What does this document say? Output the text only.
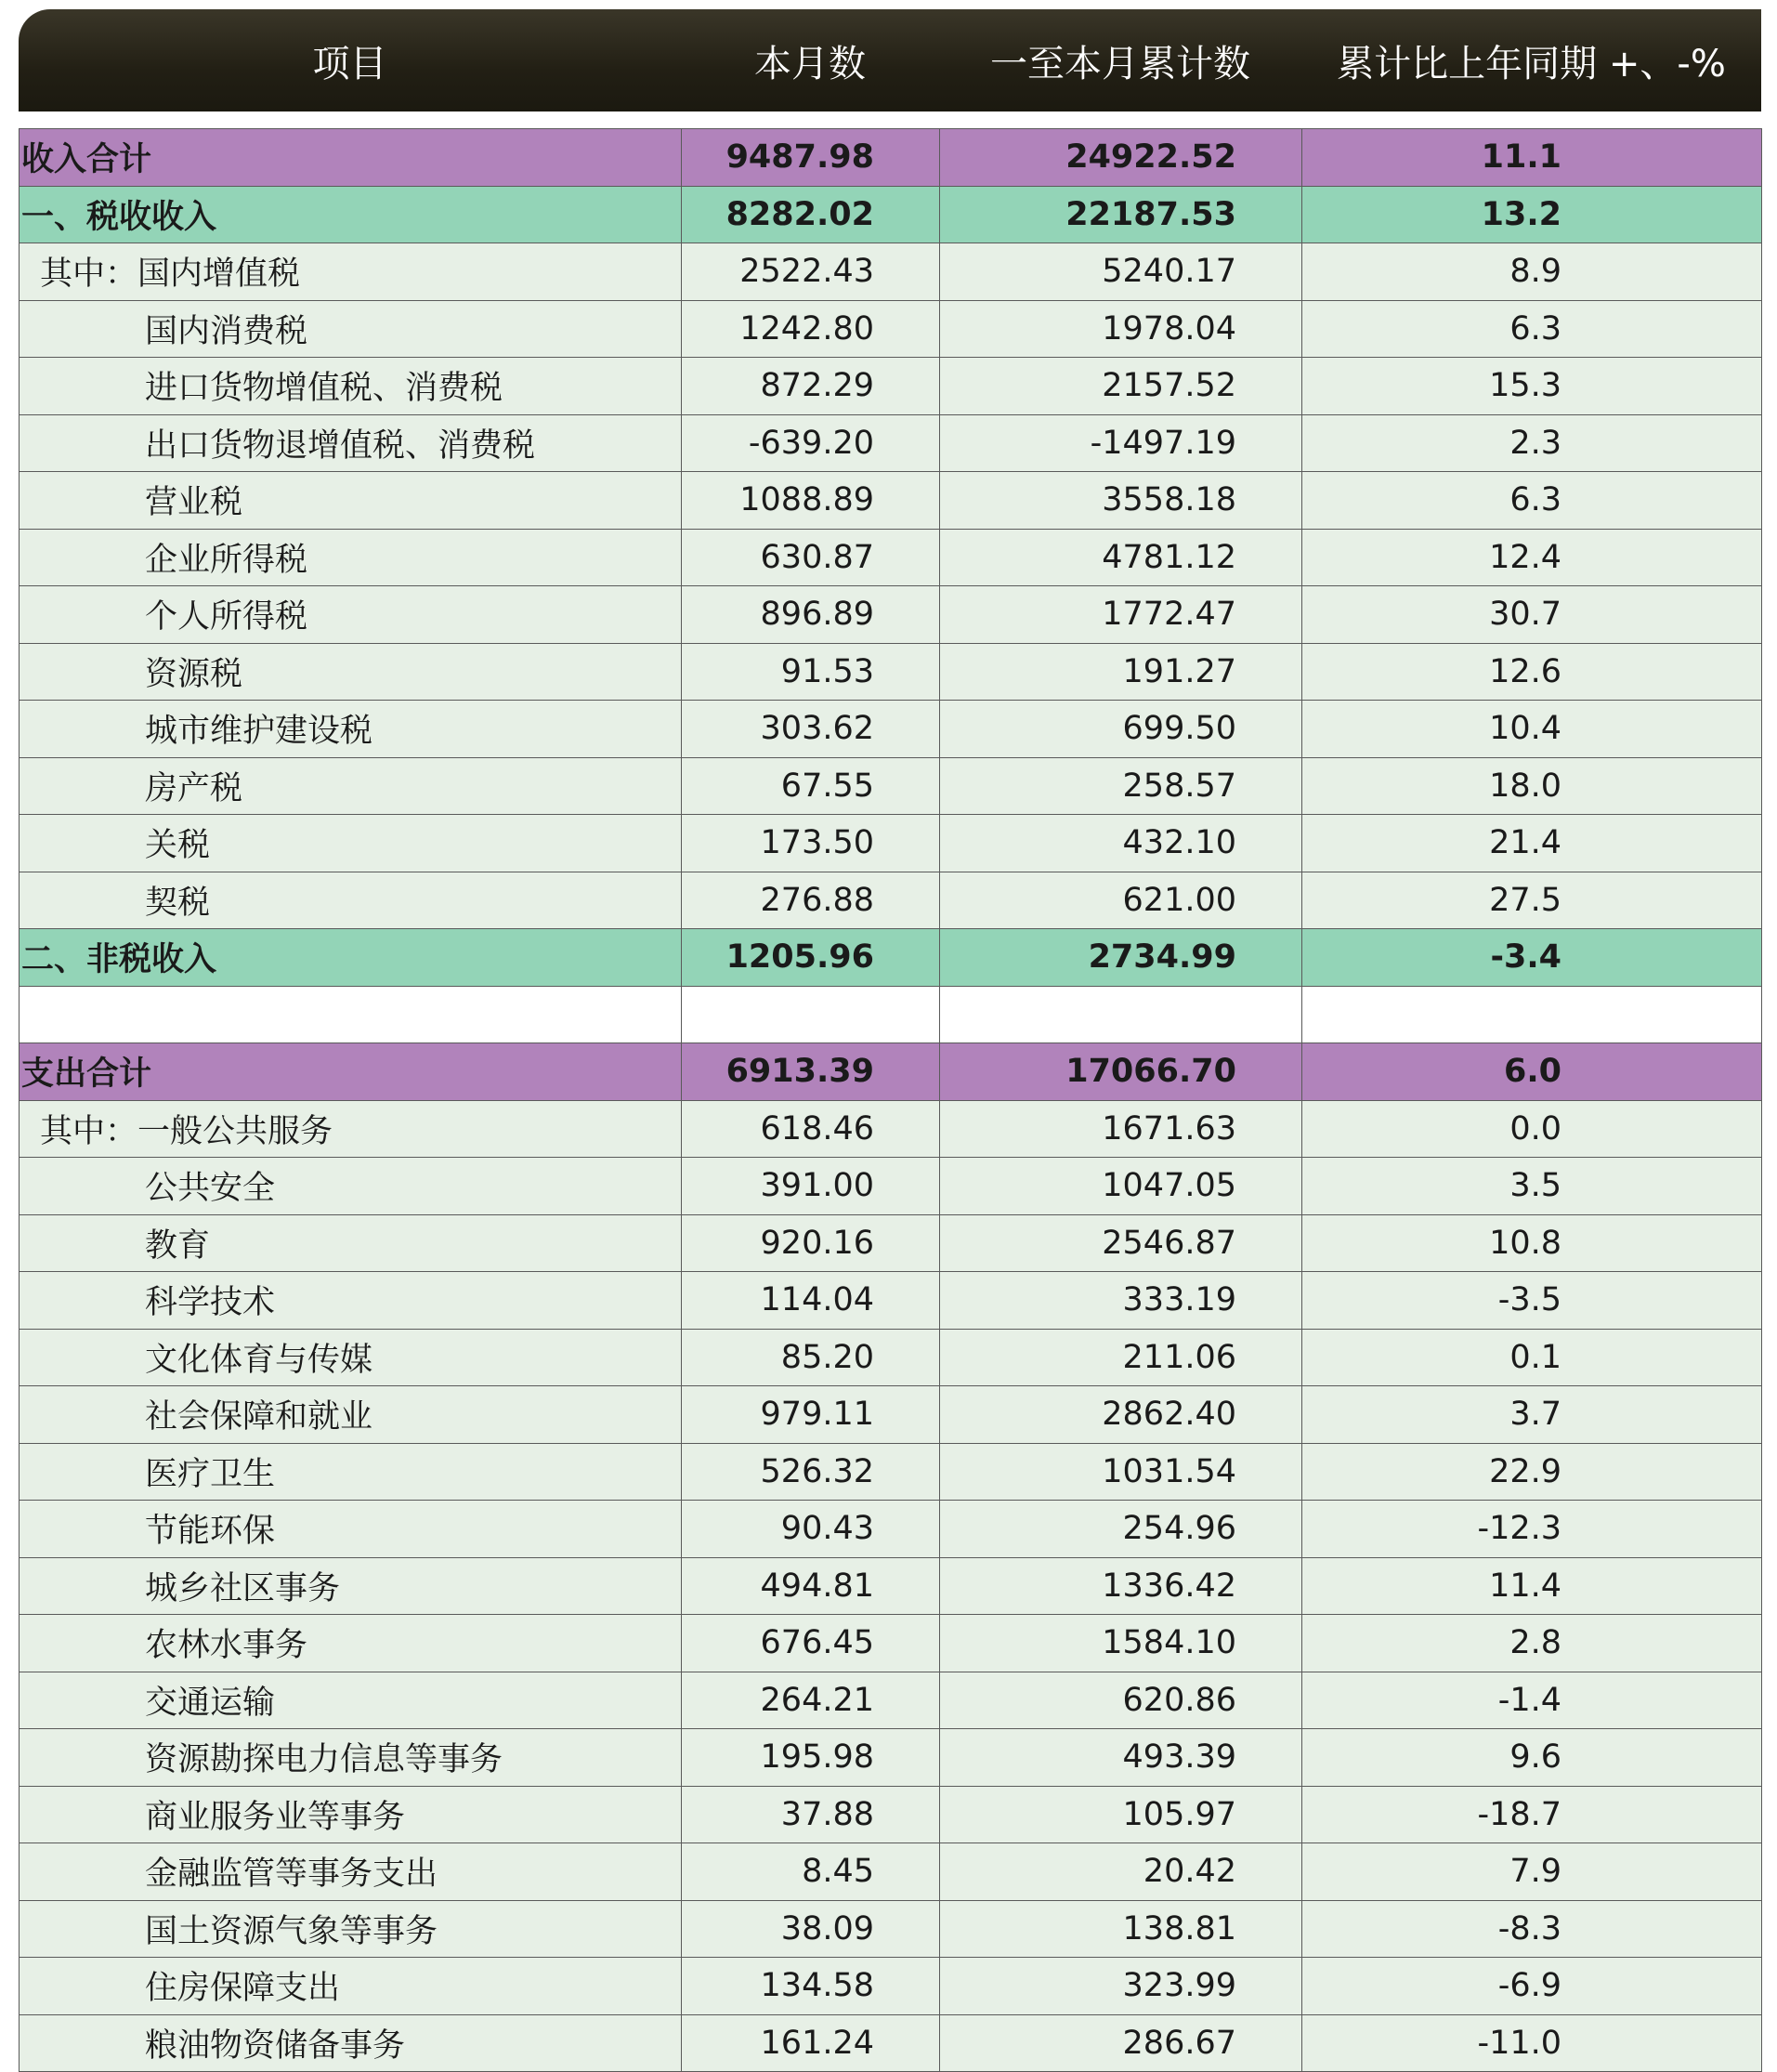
项目	本月数	一至本月累计数	累计比上年同期 +、-%
收入合计	9487.98	24922.52	11.1
一、税收收入	8282.02	22187.53	13.2
其中：国内增值税	2522.43	5240.17	8.9
国内消费税	1242.80	1978.04	6.3
进口货物增值税、消费税	872.29	2157.52	15.3
出口货物退增值税、消费税	-639.20	-1497.19	2.3
营业税	1088.89	3558.18	6.3
企业所得税	630.87	4781.12	12.4
个人所得税	896.89	1772.47	30.7
资源税	91.53	191.27	12.6
城市维护建设税	303.62	699.50	10.4
房产税	67.55	258.57	18.0
关税	173.50	432.10	21.4
契税	276.88	621.00	27.5
二、非税收入	1205.96	2734.99	-3.4

支出合计	6913.39	17066.70	6.0
其中：一般公共服务	618.46	1671.63	0.0
公共安全	391.00	1047.05	3.5
教育	920.16	2546.87	10.8
科学技术	114.04	333.19	-3.5
文化体育与传媒	85.20	211.06	0.1
社会保障和就业	979.11	2862.40	3.7
医疗卫生	526.32	1031.54	22.9
节能环保	90.43	254.96	-12.3
城乡社区事务	494.81	1336.42	11.4
农林水事务	676.45	1584.10	2.8
交通运输	264.21	620.86	-1.4
资源勘探电力信息等事务	195.98	493.39	9.6
商业服务业等事务	37.88	105.97	-18.7
金融监管等事务支出	8.45	20.42	7.9
国土资源气象等事务	38.09	138.81	-8.3
住房保障支出	134.58	323.99	-6.9
粮油物资储备事务	161.24	286.67	-11.0
